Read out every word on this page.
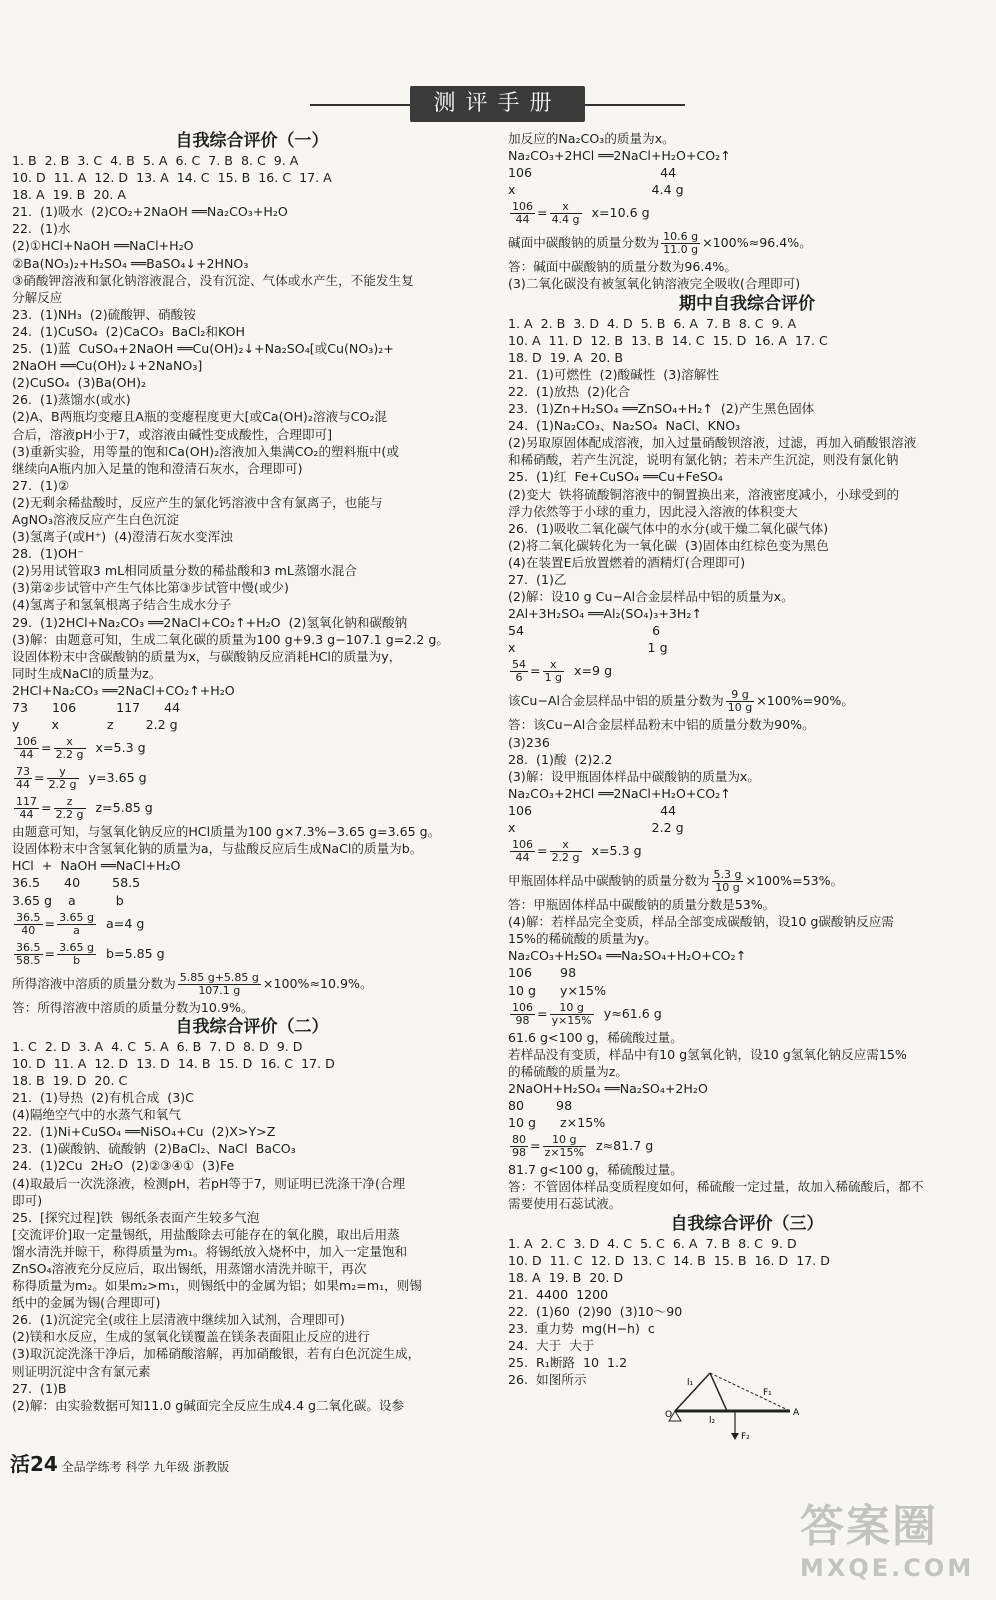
测评手册
自我综合评价（一）
1. B  2. B  3. C  4. B  5. A  6. C  7. B  8. C  9. A
10. D  11. A  12. D  13. A  14. C  15. B  16. C  17. A
18. A  19. B  20. A
21.  (1)吸水  (2)CO₂+2NaOH ══Na₂CO₃+H₂O
22.  (1)水
(2)①HCl+NaOH ══NaCl+H₂O
②Ba(NO₃)₂+H₂SO₄ ══BaSO₄↓+2HNO₃
③硝酸钾溶液和氯化钠溶液混合，没有沉淀、气体或水产生，不能发生复
分解反应
23.  (1)NH₃  (2)硫酸钾、硝酸铵
24.  (1)CuSO₄  (2)CaCO₃  BaCl₂和KOH
25.  (1)蓝  CuSO₄+2NaOH ══Cu(OH)₂↓+Na₂SO₄[或Cu(NO₃)₂+
2NaOH ══Cu(OH)₂↓+2NaNO₃]
(2)CuSO₄  (3)Ba(OH)₂
26.  (1)蒸馏水(或水)
(2)A、B两瓶均变瘪且A瓶的变瘪程度更大[或Ca(OH)₂溶液与CO₂混
合后，溶液pH小于7，或溶液由碱性变成酸性，合理即可]
(3)重新实验，用等量的饱和Ca(OH)₂溶液加入集满CO₂的塑料瓶中(或
继续向A瓶内加入足量的饱和澄清石灰水，合理即可)
27.  (1)②
(2)无剩余稀盐酸时，反应产生的氯化钙溶液中含有氯离子，也能与
AgNO₃溶液反应产生白色沉淀
(3)氢离子(或H⁺)  (4)澄清石灰水变浑浊
28.  (1)OH⁻
(2)另用试管取3 mL相同质量分数的稀盐酸和3 mL蒸馏水混合
(3)第②步试管中产生气体比第③步试管中慢(或少)
(4)氢离子和氢氧根离子结合生成水分子
29.  (1)2HCl+Na₂CO₃ ══2NaCl+CO₂↑+H₂O  (2)氢氧化钠和碳酸钠
(3)解：由题意可知，生成二氧化碳的质量为100 g+9.3 g−107.1 g=2.2 g。
设固体粉末中含碳酸钠的质量为x，与碳酸钠反应消耗HCl的质量为y，
同时生成NaCl的质量为z。
2HCl+Na₂CO₃ ══2NaCl+CO₂↑+H₂O
73      106          117      44
y        x            z        2.2 g
$\frac{106}{44} = \frac{x}{2.2 g} x=5.3$ g
$\frac{73}{44} = \frac{y}{2.2 g} y=3.65$ g
$\frac{117}{44} = \frac{z}{2.2 g} z=5.85$ g
由题意可知，与氢氧化钠反应的HCl质量为100 g×7.3%−3.65 g=3.65 g。
设固体粉末中含氢氧化钠的质量为a，与盐酸反应后生成NaCl的质量为b。
HCl  +  NaOH ══NaCl+H₂O
36.5      40        58.5
3.65 g    a          b
$\frac{36.5}{40} = \frac{3.65 g}{a} a=4$ g
$\frac{36.5}{58.5} = \frac{3.65 g}{b} b=5.85$ g
所得溶液中溶质的质量分数为 $\frac{5.85 g+5.85 g}{107.1 g} \times 100\%\approx 10.9\%$。
答：所得溶液中溶质的质量分数为10.9%。
自我综合评价（二）
1. C  2. D  3. A  4. C  5. A  6. B  7. D  8. D  9. D
10. D  11. A  12. D  13. D  14. B  15. D  16. C  17. D
18. B  19. D  20. C
21.  (1)导热  (2)有机合成  (3)C
(4)隔绝空气中的水蒸气和氧气
22.  (1)Ni+CuSO₄ ══NiSO₄+Cu  (2)X>Y>Z
23.  (1)碳酸钠、硫酸钠  (2)BaCl₂、NaCl  BaCO₃
24.  (1)2Cu  2H₂O  (2)②③④①  (3)Fe
(4)取最后一次洗涤液，检测pH，若pH等于7，则证明已洗涤干净(合理
即可)
25.  [探究过程]铁  锡纸条表面产生较多气泡
[交流评价]取一定量锡纸，用盐酸除去可能存在的氧化膜，取出后用蒸
馏水清洗并晾干，称得质量为m₁。将锡纸放入烧杯中，加入一定量饱和
ZnSO₄溶液充分反应后，取出锡纸，用蒸馏水清洗并晾干，再次
称得质量为m₂。如果m₂>m₁，则锡纸中的金属为铝；如果m₂=m₁，则锡
纸中的金属为锡(合理即可)
26.  (1)沉淀完全(或往上层清液中继续加入试剂，合理即可)
(2)镁和水反应，生成的氢氧化镁覆盖在镁条表面阻止反应的进行
(3)取沉淀洗涤干净后，加稀硝酸溶解，再加硝酸银，若有白色沉淀生成，
则证明沉淀中含有氯元素
27.  (1)B
(2)解：由实验数据可知11.0 g碱面完全反应生成4.4 g二氧化碳。设参
加反应的Na₂CO₃的质量为x。
Na₂CO₃+2HCl ══2NaCl+H₂O+CO₂↑
106                                44
x                                  4.4 g
$\frac{106}{44} = \frac{x}{4.4 g} x=10.6$ g
碱面中碳酸钠的质量分数为 $\frac{10.6 g}{11.0 g} \times 100\%\approx 96.4\%$。
答：碱面中碳酸钠的质量分数为96.4%。
(3)二氧化碳没有被氢氧化钠溶液完全吸收(合理即可)
期中自我综合评价
1. A  2. B  3. D  4. D  5. B  6. A  7. B  8. C  9. A
10. A  11. D  12. B  13. B  14. C  15. D  16. A  17. C
18. D  19. A  20. B
21.  (1)可燃性  (2)酸碱性  (3)溶解性
22.  (1)放热  (2)化合
23.  (1)Zn+H₂SO₄ ══ZnSO₄+H₂↑  (2)产生黑色固体
24.  (1)Na₂CO₃、Na₂SO₄  NaCl、KNO₃
(2)另取原固体配成溶液，加入过量硝酸钡溶液，过滤，再加入硝酸银溶液
和稀硝酸，若产生沉淀，说明有氯化钠；若未产生沉淀，则没有氯化钠
25.  (1)红  Fe+CuSO₄ ══Cu+FeSO₄
(2)变大  铁将硫酸铜溶液中的铜置换出来，溶液密度减小，小球受到的
浮力依然等于小球的重力，因此浸入溶液的体积变大
26.  (1)吸收二氧化碳气体中的水分(或干燥二氧化碳气体)
(2)将二氧化碳转化为一氧化碳  (3)固体由红棕色变为黑色
(4)在装置E后放置燃着的酒精灯(合理即可)
27.  (1)乙
(2)解：设10 g Cu−Al合金层样品中铝的质量为x。
2Al+3H₂SO₄ ══Al₂(SO₄)₃+3H₂↑
54                                6
x                                 1 g
$\frac{54}{6} = \frac{x}{1 g} x=9$ g
该Cu−Al合金层样品中铝的质量分数为 $\frac{9 g}{10 g} \times 100\%=90\%$。
答：该Cu−Al合金层样品粉末中铝的质量分数为90%。
(3)236
28.  (1)酸  (2)2.2
(3)解：设甲瓶固体样品中碳酸钠的质量为x。
Na₂CO₃+2HCl ══2NaCl+H₂O+CO₂↑
106                                44
x                                  2.2 g
$\frac{106}{44} = \frac{x}{2.2 g} x=5.3$ g
甲瓶固体样品中碳酸钠的质量分数为 $\frac{5.3 g}{10 g} \times 100\%=53\%$。
答：甲瓶固体样品中碳酸钠的质量分数是53%。
(4)解：若样品完全变质，样品全部变成碳酸钠，设10 g碳酸钠反应需
15%的稀硫酸的质量为y。
Na₂CO₃+H₂SO₄ ══Na₂SO₄+H₂O+CO₂↑
106       98
10 g      y×15%
$\frac{106}{98} = \frac{10 g}{y\times 15\%} y\approx 61.6$ g
61.6 g<100 g，稀硫酸过量。
若样品没有变质，样品中有10 g氢氧化钠，设10 g氢氧化钠反应需15%
的稀硫酸的质量为z。
2NaOH+H₂SO₄ ══Na₂SO₄+2H₂O
80        98
10 g      z×15%
$\frac{80}{98} = \frac{10 g}{z\times 15\%} z\approx 81.7$ g
81.7 g<100 g，稀硫酸过量。
答：不管固体样品变质程度如何，稀硫酸一定过量，故加入稀硫酸后，都不
需要使用石蕊试液。
自我综合评价（三）
1. A  2. C  3. D  4. C  5. C  6. A  7. B  8. C  9. D
10. D  11. C  12. D  13. C  14. B  15. B  16. D  17. D
18. A  19. B  20. D
21.  4400  1200
22.  (1)60  (2)90  (3)10～90
23.  重力势  mg(H−h)  c
24.  大于  大于
25.  R₁断路  10  1.2
26.  如图所示
O	A
l₁
l₂
F₁
F₂
活24 全品学练考 科学 九年级 浙教版
答案圈
MXQE.COM
